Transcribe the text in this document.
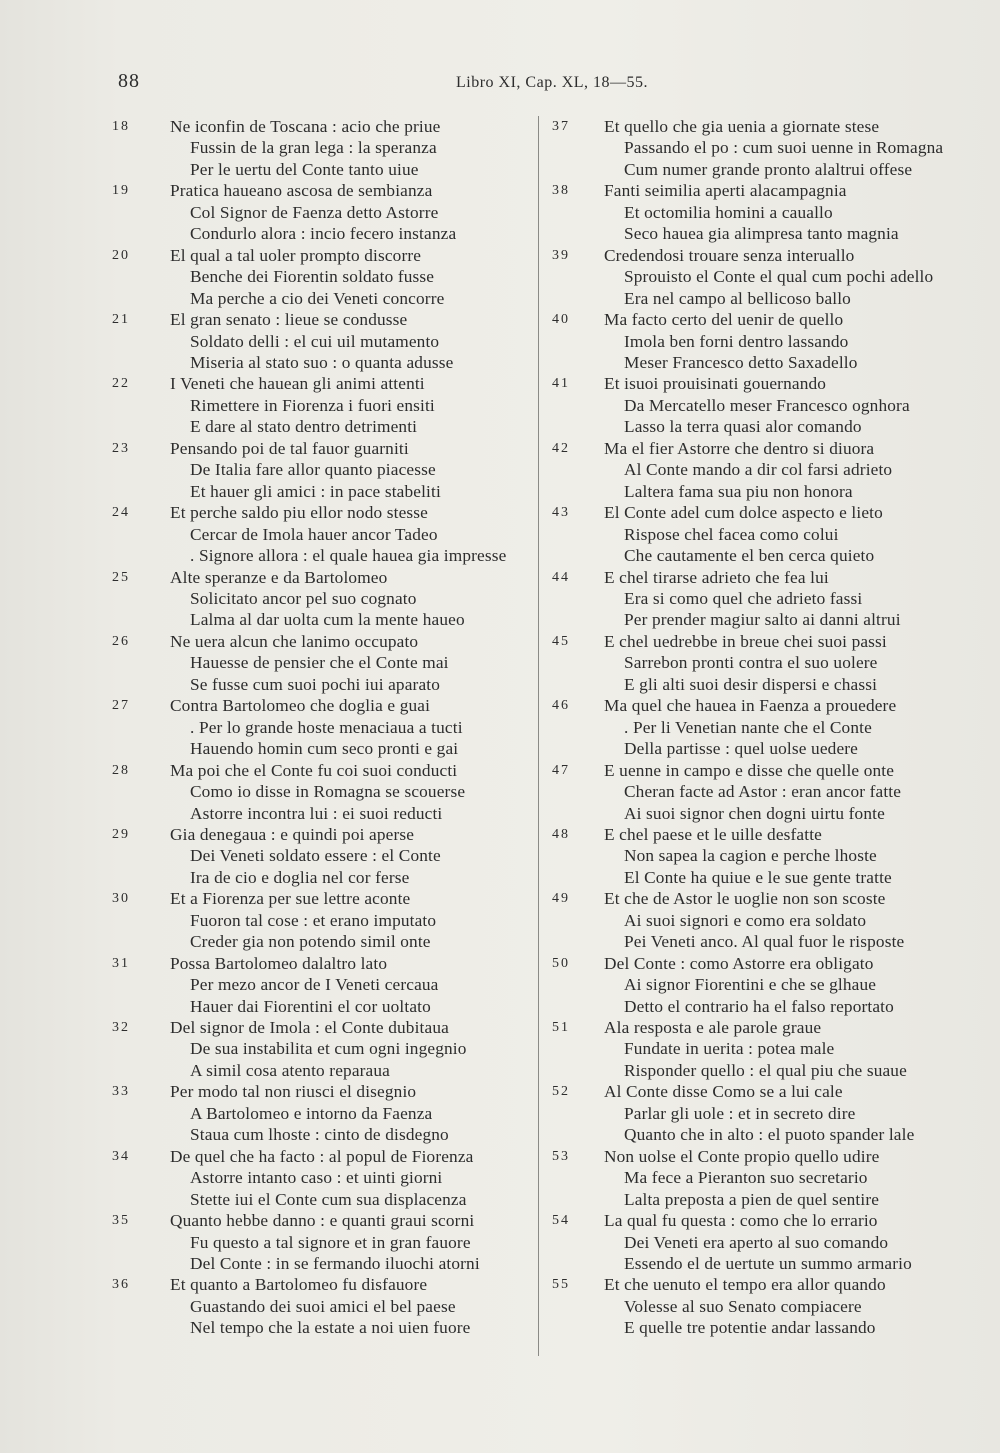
88	Libro XI, Cap. XL, 18—55.
18	Ne iconfin de Toscana : acio che priue
Fussin de la gran lega : la speranza
Per le uertu del Conte tanto uiue
19	Pratica haueano ascosa de sembianza
Col Signor de Faenza detto Astorre
Condurlo alora : incio fecero instanza
20	El qual a tal uoler prompto discorre
Benche dei Fiorentin soldato fusse
Ma perche a cio dei Veneti concorre
21	El gran senato : lieue se condusse
Soldato delli : el cui uil mutamento
Miseria al stato suo : o quanta adusse
22	I Veneti che hauean gli animi attenti
Rimettere in Fiorenza i fuori ensiti
E dare al stato dentro detrimenti
23	Pensando poi de tal fauor guarniti
De Italia fare allor quanto piacesse
Et hauer gli amici : in pace stabeliti
24	Et perche saldo piu ellor nodo stesse
Cercar de Imola hauer ancor Tadeo
. Signore allora : el quale hauea gia impresse
25	Alte speranze e da Bartolomeo
Solicitato ancor pel suo cognato
Lalma al dar uolta cum la mente haueo
26	Ne uera alcun che lanimo occupato
Hauesse de pensier che el Conte mai
Se fusse cum suoi pochi iui aparato
27	Contra Bartolomeo che doglia e guai
. Per lo grande hoste menaciaua a tucti
Hauendo homin cum seco pronti e gai
28	Ma poi che el Conte fu coi suoi conducti
Como io disse in Romagna se scouerse
Astorre incontra lui : ei suoi reducti
29	Gia denegaua : e quindi poi aperse
Dei Veneti soldato essere : el Conte
Ira de cio e doglia nel cor ferse
30	Et a Fiorenza per sue lettre aconte
Fuoron tal cose : et erano imputato
Creder gia non potendo simil onte
31	Possa Bartolomeo dalaltro lato
Per mezo ancor de I Veneti cercaua
Hauer dai Fiorentini el cor uoltato
32	Del signor de Imola : el Conte dubitaua
De sua instabilita et cum ogni ingegnio
A simil cosa atento reparaua
33	Per modo tal non riusci el disegnio
A Bartolomeo e intorno da Faenza
Staua cum lhoste : cinto de disdegno
34	De quel che ha facto : al popul de Fiorenza
Astorre intanto caso : et uinti giorni
Stette iui el Conte cum sua displacenza
35	Quanto hebbe danno : e quanti graui scorni
Fu questo a tal signore et in gran fauore
Del Conte : in se fermando iluochi atorni
36	Et quanto a Bartolomeo fu disfauore
Guastando dei suoi amici el bel paese
Nel tempo che la estate a noi uien fuore
37	Et quello che gia uenia a giornate stese
Passando el po : cum suoi uenne in Romagna
Cum numer grande pronto alaltrui offese
38	Fanti seimilia aperti alacampagnia
Et octomilia homini a cauallo
Seco hauea gia alimpresa tanto magnia
39	Credendosi trouare senza interuallo
Sprouisto el Conte el qual cum pochi adello
Era nel campo al bellicoso ballo
40	Ma facto certo del uenir de quello
Imola ben forni dentro lassando
Meser Francesco detto Saxadello
41	Et isuoi prouisinati gouernando
Da Mercatello meser Francesco ognhora
Lasso la terra quasi alor comando
42	Ma el fier Astorre che dentro si diuora
Al Conte mando a dir col farsi adrieto
Laltera fama sua piu non honora
43	El Conte adel cum dolce aspecto e lieto
Rispose chel facea como colui
Che cautamente el ben cerca quieto
44	E chel tirarse adrieto che fea lui
Era si como quel che adrieto fassi
Per prender magiur salto ai danni altrui
45	E chel uedrebbe in breue chei suoi passi
Sarrebon pronti contra el suo uolere
E gli alti suoi desir dispersi e chassi
46	Ma quel che hauea in Faenza a prouedere
. Per li Venetian nante che el Conte
Della partisse : quel uolse uedere
47	E uenne in campo e disse che quelle onte
Cheran facte ad Astor : eran ancor fatte
Ai suoi signor chen dogni uirtu fonte
48	E chel paese et le uille desfatte
Non sapea la cagion e perche lhoste
El Conte ha quiue e le sue gente tratte
49	Et che de Astor le uoglie non son scoste
Ai suoi signori e como era soldato
Pei Veneti anco. Al qual fuor le risposte
50	Del Conte : como Astorre era obligato
Ai signor Fiorentini e che se glhaue
Detto el contrario ha el falso reportato
51	Ala resposta e ale parole graue
Fundate in uerita : potea male
Risponder quello : el qual piu che suaue
52	Al Conte disse Como se a lui cale
Parlar gli uole : et in secreto dire
Quanto che in alto : el puoto spander lale
53	Non uolse el Conte propio quello udire
Ma fece a Pieranton suo secretario
Lalta preposta a pien de quel sentire
54	La qual fu questa : como che lo errario
Dei Veneti era aperto al suo comando
Essendo el de uertute un summo armario
55	Et che uenuto el tempo era allor quando
Volesse al suo Senato compiacere
E quelle tre potentie andar lassando
